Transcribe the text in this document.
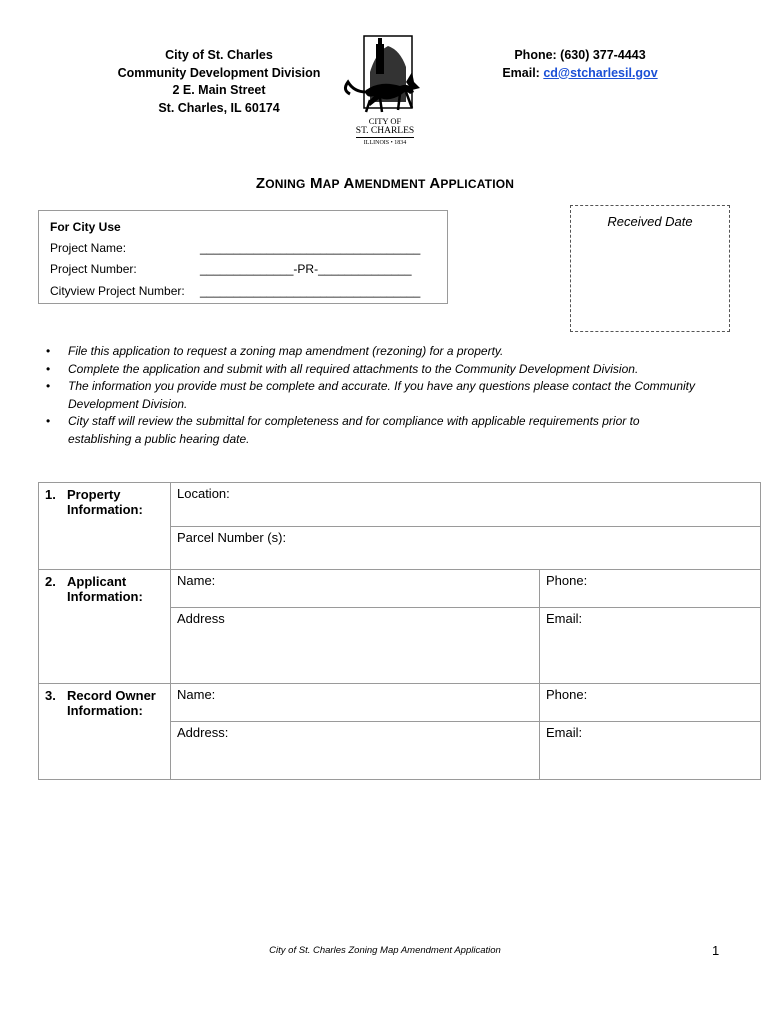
City of St. Charles
Community Development Division
2 E. Main Street
St. Charles, IL 60174
CITY OF
ST. CHARLES
ILLINOIS • 1834
Phone: (630) 377-4443
Email: cd@stcharlesil.gov
ZONING MAP AMENDMENT APPLICATION
For City Use
Project Name:	_________________________________
Project Number:	______________-PR-______________
Cityview Project Number: _________________________________
Received Date
• File this application to request a zoning map amendment (rezoning) for a property.
• Complete the application and submit with all required attachments to the Community Development Division.
• The information you provide must be complete and accurate. If you have any questions please contact the Community Development Division.
• City staff will review the submittal for completeness and for compliance with applicable requirements prior to establishing a public hearing date.
1. Property
Information:	Location:	
	Parcel Number (s):	
2. Applicant
Information:	Name:	Phone:
	Address	Email:
3. Record Owner
Information:	Name:	Phone:
	Address:	Email:
City of St. Charles Zoning Map Amendment Application	1
